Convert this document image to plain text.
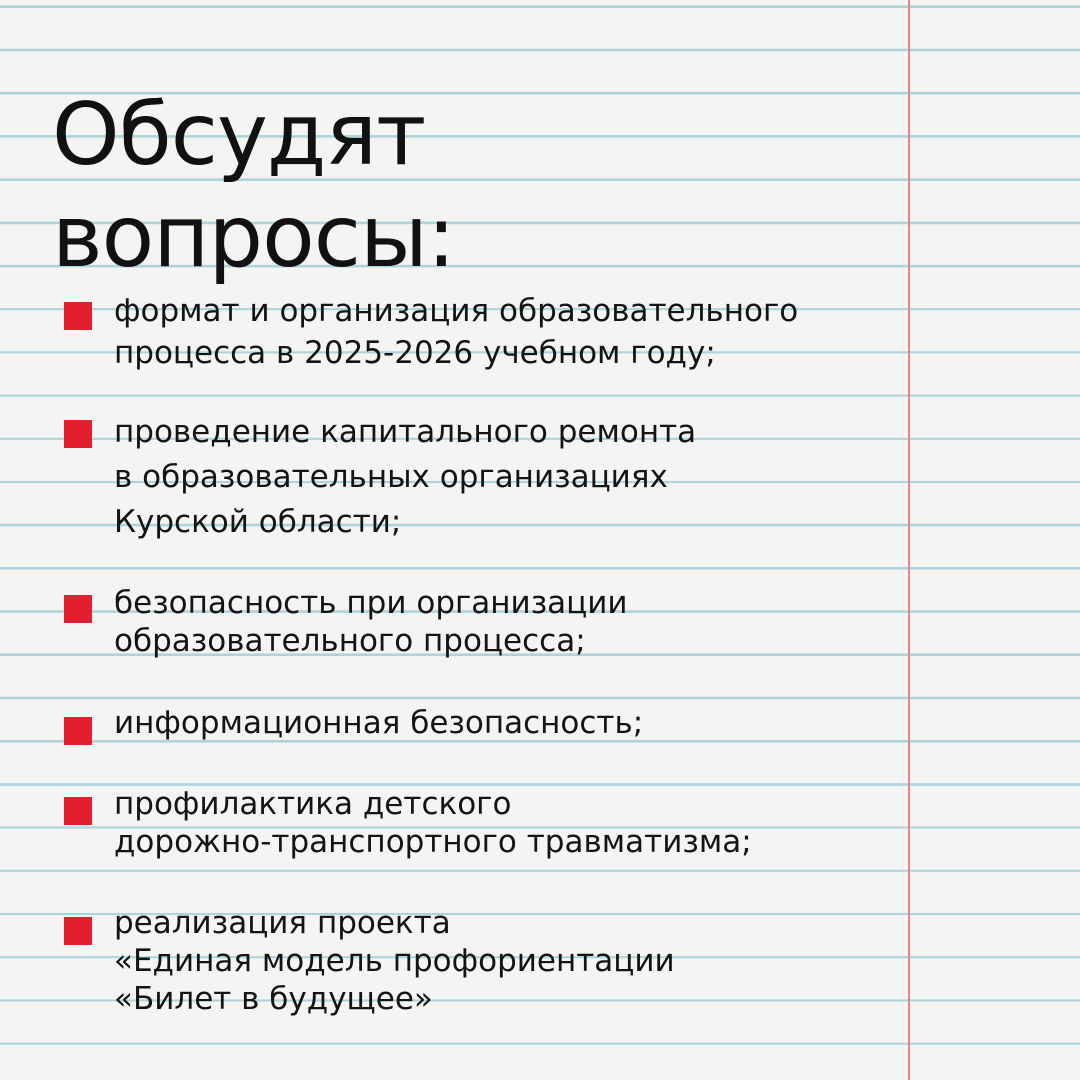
Обсудят
вопросы:
формат и организация образовательного
процесса в 2025-2026 учебном году;
проведение капитального ремонта
в образовательных организациях
Курской области;
безопасность при организации
образовательного процесса;
информационная безопасность;
профилактика детского
дорожно-транспортного травматизма;
реализация проекта
«Единая модель профориентации
«Билет в будущее»
